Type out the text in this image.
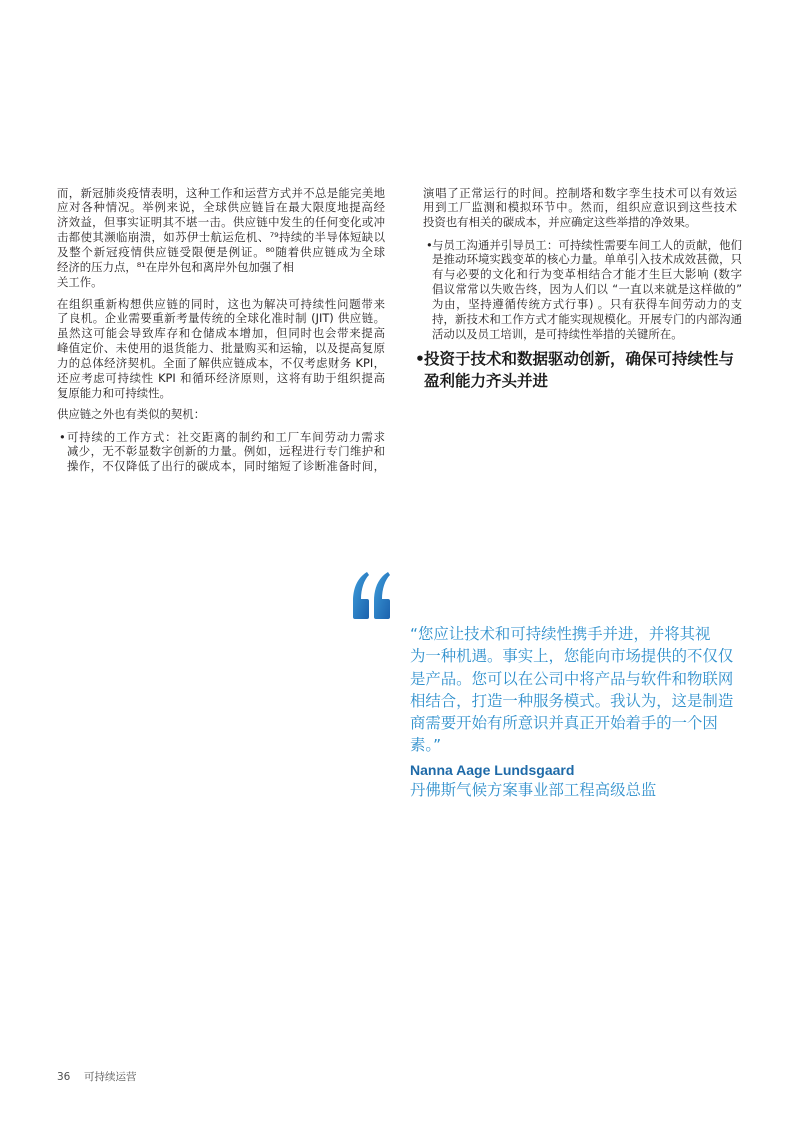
而，新冠肺炎疫情表明，这种工作和运营方式并不总是能完美地
应对各种情况。举例来说，全球供应链旨在最大限度地提高经
济效益，但事实证明其不堪一击。供应链中发生的任何变化或冲
击都使其濒临崩溃，如苏伊士航运危机、⁷⁹持续的半导体短缺以
及整个新冠疫情供应链受限便是例证。⁸⁰随着供应链成为全球
经济的压力点，⁸¹在岸外包和离岸外包加强了相
关工作。
在组织重新构想供应链的同时，这也为解决可持续性问题带来
了良机。企业需要重新考量传统的全球化准时制 (JIT) 供应链。
虽然这可能会导致库存和仓储成本增加，但同时也会带来提高
峰值定价、未使用的退货能力、批量购买和运输，以及提高复原
力的总体经济契机。全面了解供应链成本，不仅考虑财务 KPI，
还应考虑可持续性 KPI 和循环经济原则，这将有助于组织提高
复原能力和可持续性。
供应链之外也有类似的契机：
• 可持续的工作方式：社交距离的制约和工厂车间劳动力需求
减少，无不彰显数字创新的力量。例如，远程进行专门维护和
操作，不仅降低了出行的碳成本，同时缩短了诊断准备时间，
演唱了正常运行的时间。控制塔和数字孪生技术可以有效运
用到工厂监测和模拟环节中。然而，组织应意识到这些技术
投资也有相关的碳成本，并应确定这些举措的净效果。
• 与员工沟通并引导员工：可持续性需要车间工人的贡献，他们
是推动环境实践变革的核心力量。单单引入技术成效甚微，只
有与必要的文化和行为变革相结合才能才生巨大影响 (数字
倡议常常以失败告终，因为人们以 “一直以来就是这样做的”
为由，坚持遵循传统方式行事) 。只有获得车间劳动力的支
持，新技术和工作方式才能实现规模化。开展专门的内部沟通
活动以及员工培训，是可持续性举措的关键所在。
• 投资于技术和数据驱动创新，确保可持续性与
盈利能力齐头并进
“您应让技术和可持续性携手并进，并将其视
为一种机遇。事实上，您能向市场提供的不仅仅
是产品。您可以在公司中将产品与软件和物联网
相结合，打造一种服务模式。我认为，这是制造
商需要开始有所意识并真正开始着手的一个因
素。”
Nanna Aage Lundsgaard
丹佛斯气候方案事业部工程高级总监
36 可持续运营
